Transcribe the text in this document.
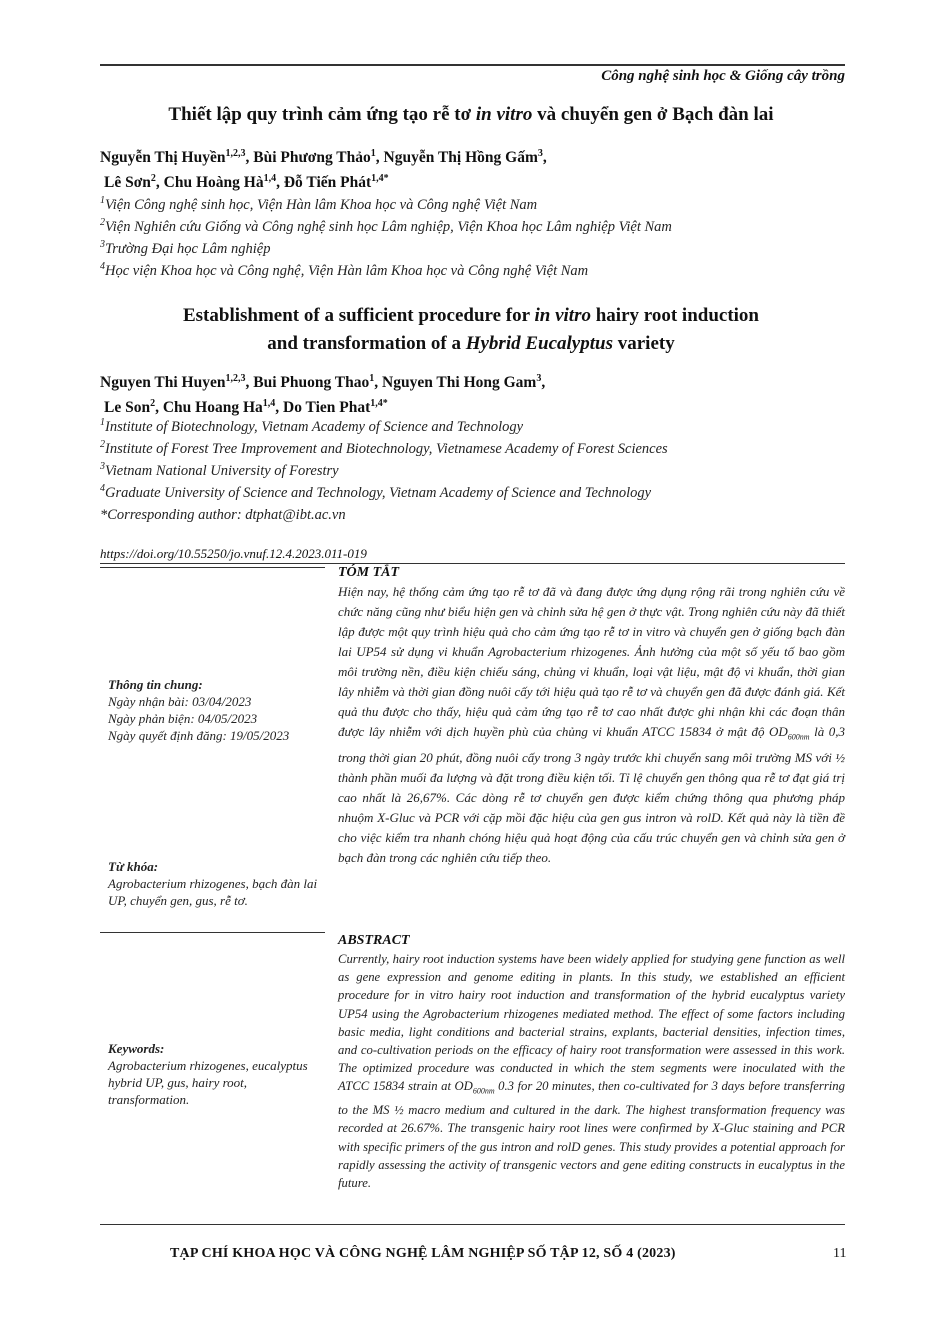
Công nghệ sinh học & Giống cây trồng
Thiết lập quy trình cảm ứng tạo rễ tơ in vitro và chuyển gen ở Bạch đàn lai
Nguyễn Thị Huyền$^{1,2,3}$, Bùi Phương Thảo$^1$, Nguyễn Thị Hồng Gấm$^3$,
Lê Sơn$^2$, Chu Hoàng Hà$^{1,4}$, Đỗ Tiến Phát$^{1,4*}$
$^1$Viện Công nghệ sinh học, Viện Hàn lâm Khoa học và Công nghệ Việt Nam
$^2$Viện Nghiên cứu Giống và Công nghệ sinh học Lâm nghiệp, Viện Khoa học Lâm nghiệp Việt Nam
$^3$Trường Đại học Lâm nghiệp
$^4$Học viện Khoa học và Công nghệ, Viện Hàn lâm Khoa học và Công nghệ Việt Nam
Establishment of a sufficient procedure for in vitro hairy root induction
and transformation of a Hybrid Eucalyptus variety
Nguyen Thi Huyen$^{1,2,3}$, Bui Phuong Thao$^1$, Nguyen Thi Hong Gam$^3$,
Le Son$^2$, Chu Hoang Ha$^{1,4}$, Do Tien Phat$^{1,4*}$
$^1$Institute of Biotechnology, Vietnam Academy of Science and Technology
$^2$Institute of Forest Tree Improvement and Biotechnology, Vietnamese Academy of Forest Sciences
$^3$Vietnam National University of Forestry
$^4$Graduate University of Science and Technology, Vietnam Academy of Science and Technology
*Corresponding author: dtphat@ibt.ac.vn
https://doi.org/10.55250/jo.vnuf.12.4.2023.011-019
Thông tin chung:
Ngày nhận bài: 03/04/2023
Ngày phản biện: 04/05/2023
Ngày quyết định đăng: 19/05/2023
Từ khóa:
Agrobacterium rhizogenes, bạch đàn lai UP, chuyển gen, gus, rễ tơ.
Keywords:
Agrobacterium rhizogenes, eucalyptus hybrid UP, gus, hairy root, transformation.
TÓM TẮT
Hiện nay, hệ thống cảm ứng tạo rễ tơ đã và đang được ứng dụng rộng rãi trong nghiên cứu về chức năng cũng như biểu hiện gen và chỉnh sửa hệ gen ở thực vật. Trong nghiên cứu này đã thiết lập được một quy trình hiệu quả cho cảm ứng tạo rễ tơ in vitro và chuyển gen ở giống bạch đàn lai UP54 sử dụng vi khuẩn Agrobacterium rhizogenes. Ảnh hưởng của một số yếu tố bao gồm môi trường nền, điều kiện chiếu sáng, chủng vi khuẩn, loại vật liệu, mật độ vi khuẩn, thời gian lây nhiễm và thời gian đồng nuôi cấy tới hiệu quả tạo rễ tơ và chuyển gen đã được đánh giá. Kết quả thu được cho thấy, hiệu quả cảm ứng tạo rễ tơ cao nhất được ghi nhận khi các đoạn thân được lây nhiễm với dịch huyền phù của chủng vi khuẩn ATCC 15834 ở mật độ $OD_{600nm}$ là 0,3 trong thời gian 20 phút, đồng nuôi cấy trong 3 ngày trước khi chuyển sang môi trường MS với ½ thành phần muối đa lượng và đặt trong điều kiện tối. Tỉ lệ chuyển gen thông qua rễ tơ đạt giá trị cao nhất là 26,67%. Các dòng rễ tơ chuyển gen được kiểm chứng thông qua phương pháp nhuộm X-Gluc và PCR với cặp mồi đặc hiệu của gen gus intron và rolD. Kết quả này là tiền đề cho việc kiểm tra nhanh chóng hiệu quả hoạt động của cấu trúc chuyển gen và chỉnh sửa gen ở bạch đàn trong các nghiên cứu tiếp theo.
ABSTRACT
Currently, hairy root induction systems have been widely applied for studying gene function as well as gene expression and genome editing in plants. In this study, we established an efficient procedure for in vitro hairy root induction and transformation of the hybrid eucalyptus variety UP54 using the Agrobacterium rhizogenes mediated method. The effect of some factors including basic media, light conditions and bacterial strains, explants, bacterial densities, infection times, and co-cultivation periods on the efficacy of hairy root transformation were assessed in this work. The optimized procedure was conducted in which the stem segments were inoculated with the ATCC 15834 strain at $OD_{600nm}$ 0.3 for 20 minutes, then co-cultivated for 3 days before transferring to the MS ½ macro medium and cultured in the dark. The highest transformation frequency was recorded at 26.67%. The transgenic hairy root lines were confirmed by X-Gluc staining and PCR with specific primers of the gus intron and rolD genes. This study provides a potential approach for rapidly assessing the activity of transgenic vectors and gene editing constructs in eucalyptus in the future.
TẠP CHÍ KHOA HỌC VÀ CÔNG NGHỆ LÂM NGHIỆP SỐ TẬP 12, SỐ 4 (2023)	11
